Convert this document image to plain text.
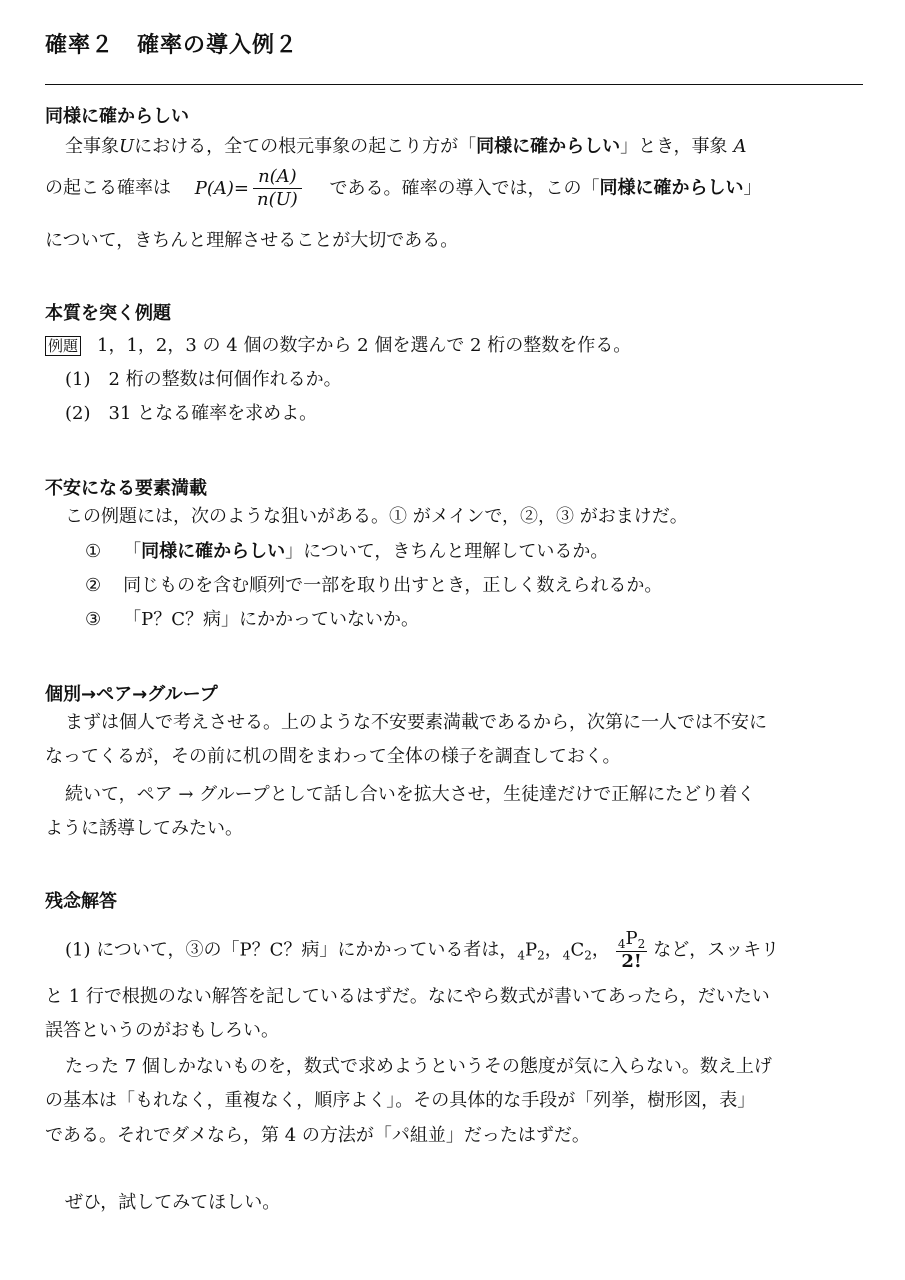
確率２　確率の導入例２
同様に確からしい
全事象Uにおける，全ての根元事象の起こり方が「同様に確からしい」とき，事象 A
の起こる確率は $P(A)= \frac{n(A)}{n(U)}$ である。確率の導入では，この「同様に確からしい」
について，きちんと理解させることが大切である。
本質を突く例題
例題 1，1，2，3 の 4 個の数字から 2 個を選んで 2 桁の整数を作る。
(1)　2 桁の整数は何個作れるか。
(2)　31 となる確率を求めよ。
不安になる要素満載
この例題には，次のような狙いがある。① がメインで，②，③ がおまけだ。
① 「同様に確からしい」について，きちんと理解しているか。
② 同じものを含む順列で一部を取り出すとき，正しく数えられるか。
③ 「P？C？病」にかかっていないか。
個別→ペア→グループ
まずは個人で考えさせる。上のような不安要素満載であるから，次第に一人では不安に
なってくるが，その前に机の間をまわって全体の様子を調査しておく。
続いて，ペア → グループとして話し合いを拡大させ，生徒達だけで正解にたどり着く
ように誘導してみたい。
残念解答
(1) について，③の「P？C？病」にかかっている者は，$_4P_2$，$_4C_2$， $\frac{_4P_2}{2!}$ など，スッキリ
と 1 行で根拠のない解答を記しているはずだ。なにやら数式が書いてあったら，だいたい
誤答というのがおもしろい。
たった 7 個しかないものを，数式で求めようというその態度が気に入らない。数え上げ
の基本は「もれなく，重複なく，順序よく」。その具体的な手段が「列挙，樹形図，表」
である。それでダメなら，第 4 の方法が「パ組並」だったはずだ。
ぜひ，試してみてほしい。
